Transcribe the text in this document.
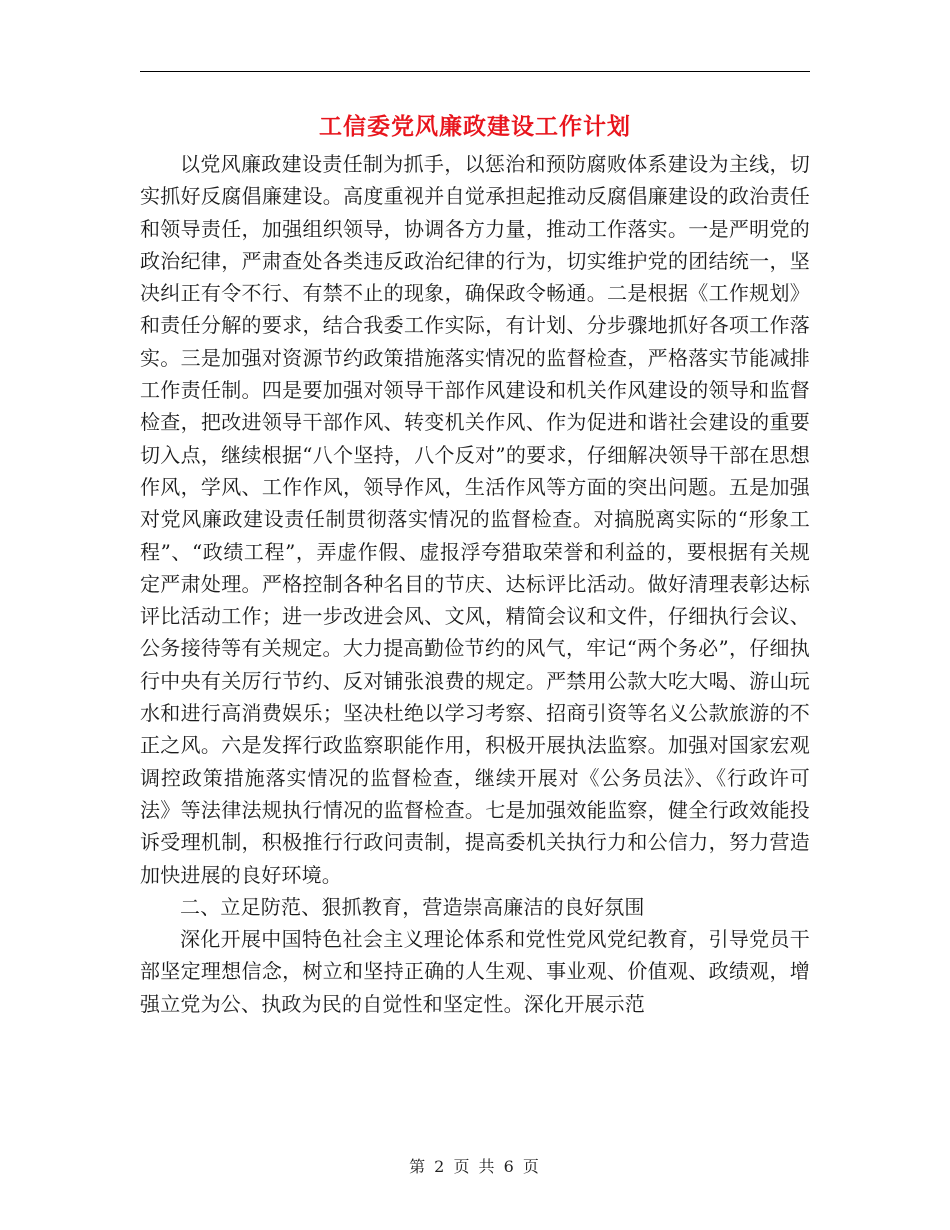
工信委党风廉政建设工作计划

以党风廉政建设责任制为抓手，以惩治和预防腐败体系建设为主线，切实抓好反腐倡廉建设。高度重视并自觉承担起推动反腐倡廉建设的政治责任和领导责任，加强组织领导，协调各方力量，推动工作落实。一是严明党的政治纪律，严肃查处各类违反政治纪律的行为，切实维护党的团结统一，坚决纠正有令不行、有禁不止的现象，确保政令畅通。二是根据《工作规划》和责任分解的要求，结合我委工作实际，有计划、分步骤地抓好各项工作落实。三是加强对资源节约政策措施落实情况的监督检查，严格落实节能减排工作责任制。四是要加强对领导干部作风建设和机关作风建设的领导和监督检查，把改进领导干部作风、转变机关作风、作为促进和谐社会建设的重要切入点，继续根据“八个坚持，八个反对”的要求，仔细解决领导干部在思想作风，学风、工作作风，领导作风，生活作风等方面的突出问题。五是加强对党风廉政建设责任制贯彻落实情况的监督检查。对搞脱离实际的“形象工程”、“政绩工程”，弄虚作假、虚报浮夸猎取荣誉和利益的，要根据有关规定严肃处理。严格控制各种名目的节庆、达标评比活动。做好清理表彰达标评比活动工作；进一步改进会风、文风，精简会议和文件，仔细执行会议、公务接待等有关规定。大力提高勤俭节约的风气，牢记“两个务必”，仔细执行中央有关厉行节约、反对铺张浪费的规定。严禁用公款大吃大喝、游山玩水和进行高消费娱乐；坚决杜绝以学习考察、招商引资等名义公款旅游的不正之风。六是发挥行政监察职能作用，积极开展执法监察。加强对国家宏观调控政策措施落实情况的监督检查，继续开展对《公务员法》、《行政许可法》等法律法规执行情况的监督检查。七是加强效能监察，健全行政效能投诉受理机制，积极推行行政问责制，提高委机关执行力和公信力，努力营造加快进展的良好环境。

二、立足防范、狠抓教育，营造崇高廉洁的良好氛围

深化开展中国特色社会主义理论体系和党性党风党纪教育，引导党员干部坚定理想信念，树立和坚持正确的人生观、事业观、价值观、政绩观，增强立党为公、执政为民的自觉性和坚定性。深化开展示范

第 2 页 共 6 页
